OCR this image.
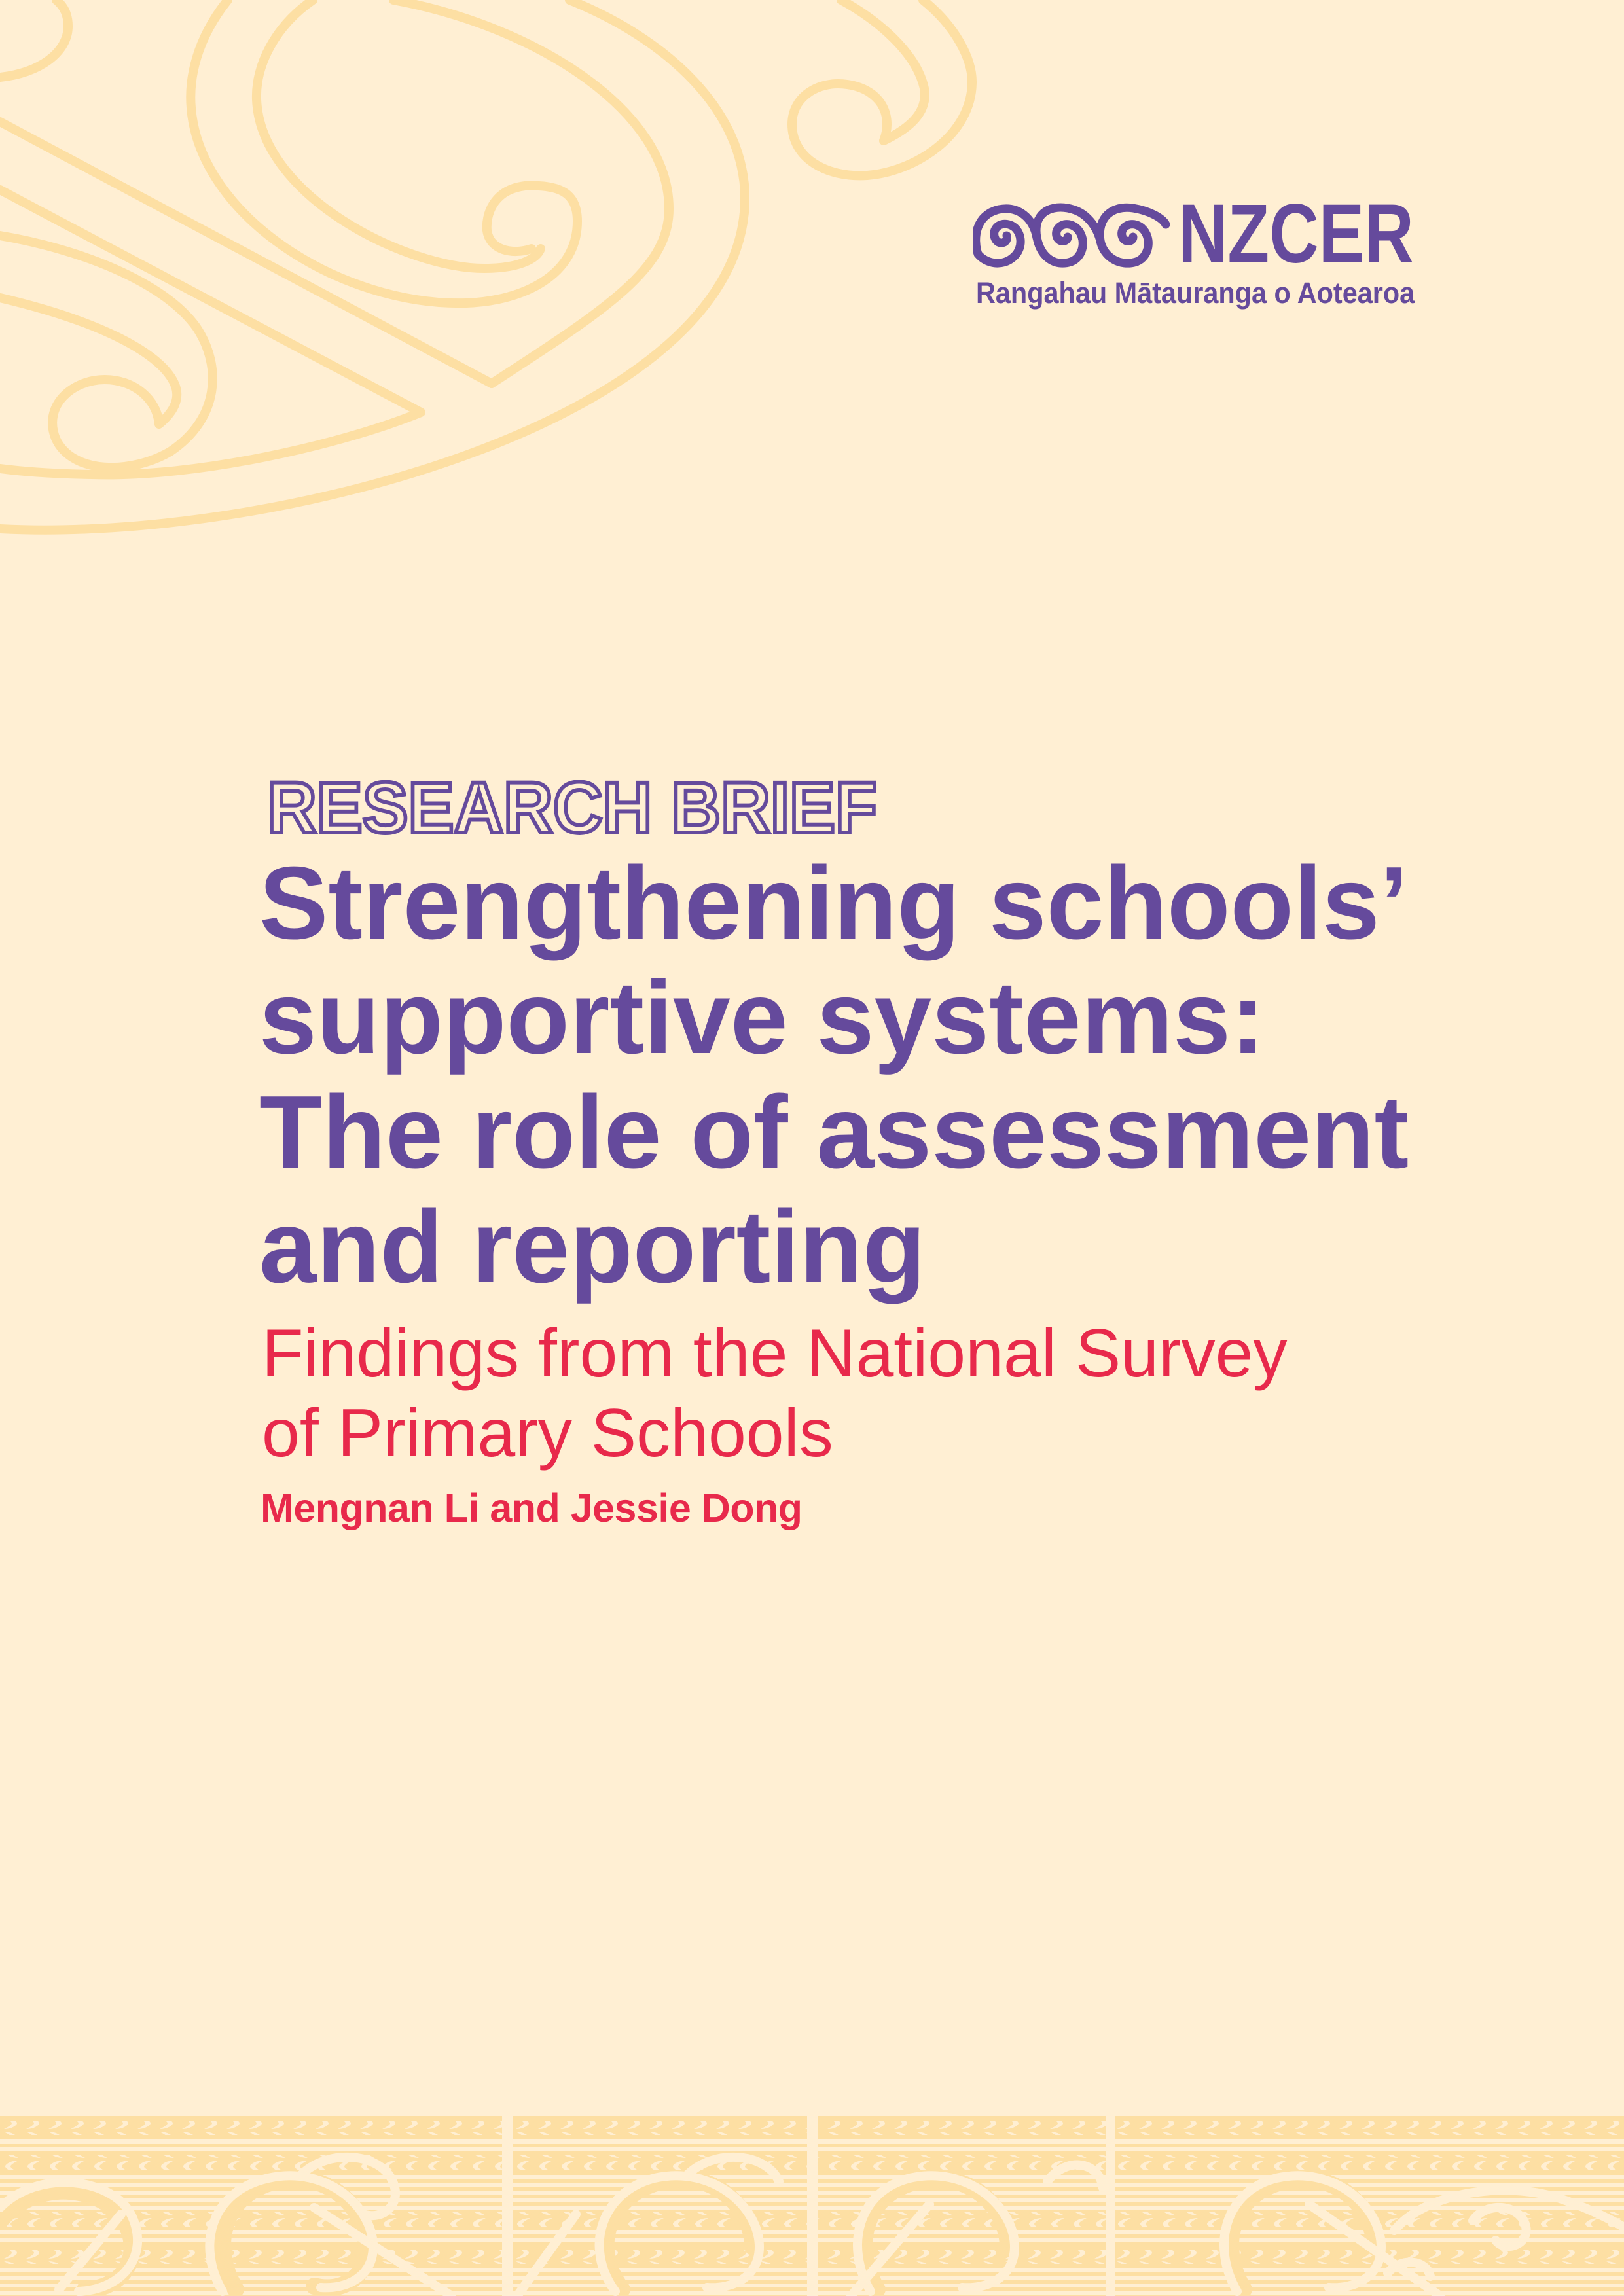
NZCER
Rangahau Mātauranga o Aotearoa
RESEARCH BRIEF
Strengthening schools’
supportive systems:
The role of assessment
and reporting
Findings from the National Survey
of Primary Schools
Mengnan Li and Jessie Dong
